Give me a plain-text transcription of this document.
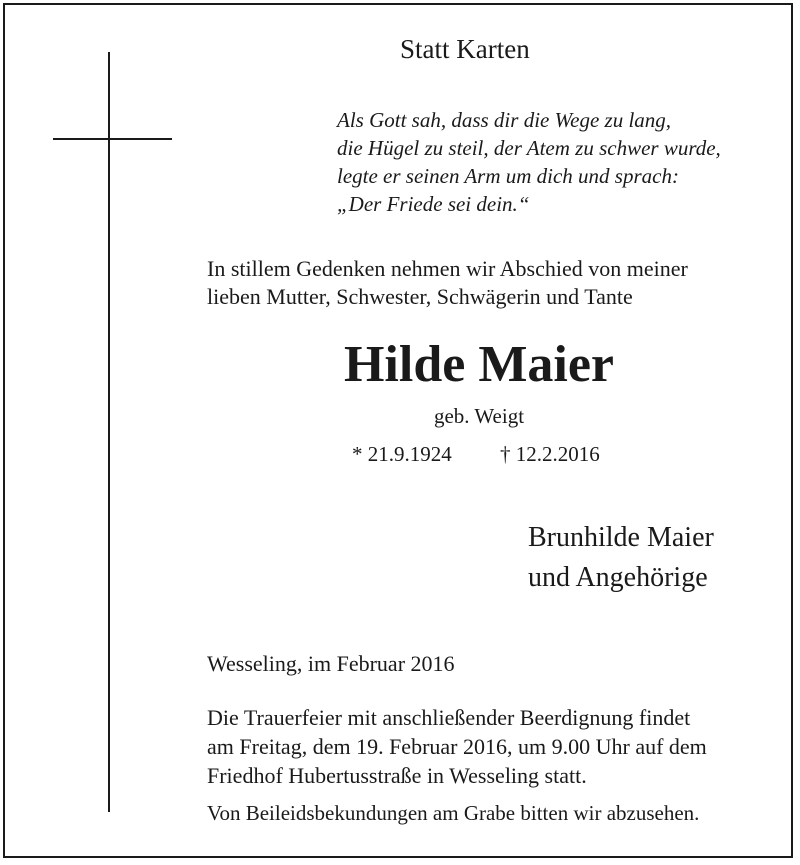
Statt Karten

Als Gott sah, dass dir die Wege zu lang,
die Hügel zu steil, der Atem zu schwer wurde,
legte er seinen Arm um dich und sprach:
„Der Friede sei dein.“
In stillem Gedenken nehmen wir Abschied von meiner
lieben Mutter, Schwester, Schwägerin und Tante

Hilde Maier

geb. Weigt

* 21.9.1924 † 12.2.2016

Brunhilde Maier
und Angehörige

Wesseling, im Februar 2016

Die Trauerfeier mit anschließender Beerdignung findet
am Freitag, dem 19. Februar 2016, um 9.00 Uhr auf dem
Friedhof Hubertusstraße in Wesseling statt.

Von Beileidsbekundungen am Grabe bitten wir abzusehen.
